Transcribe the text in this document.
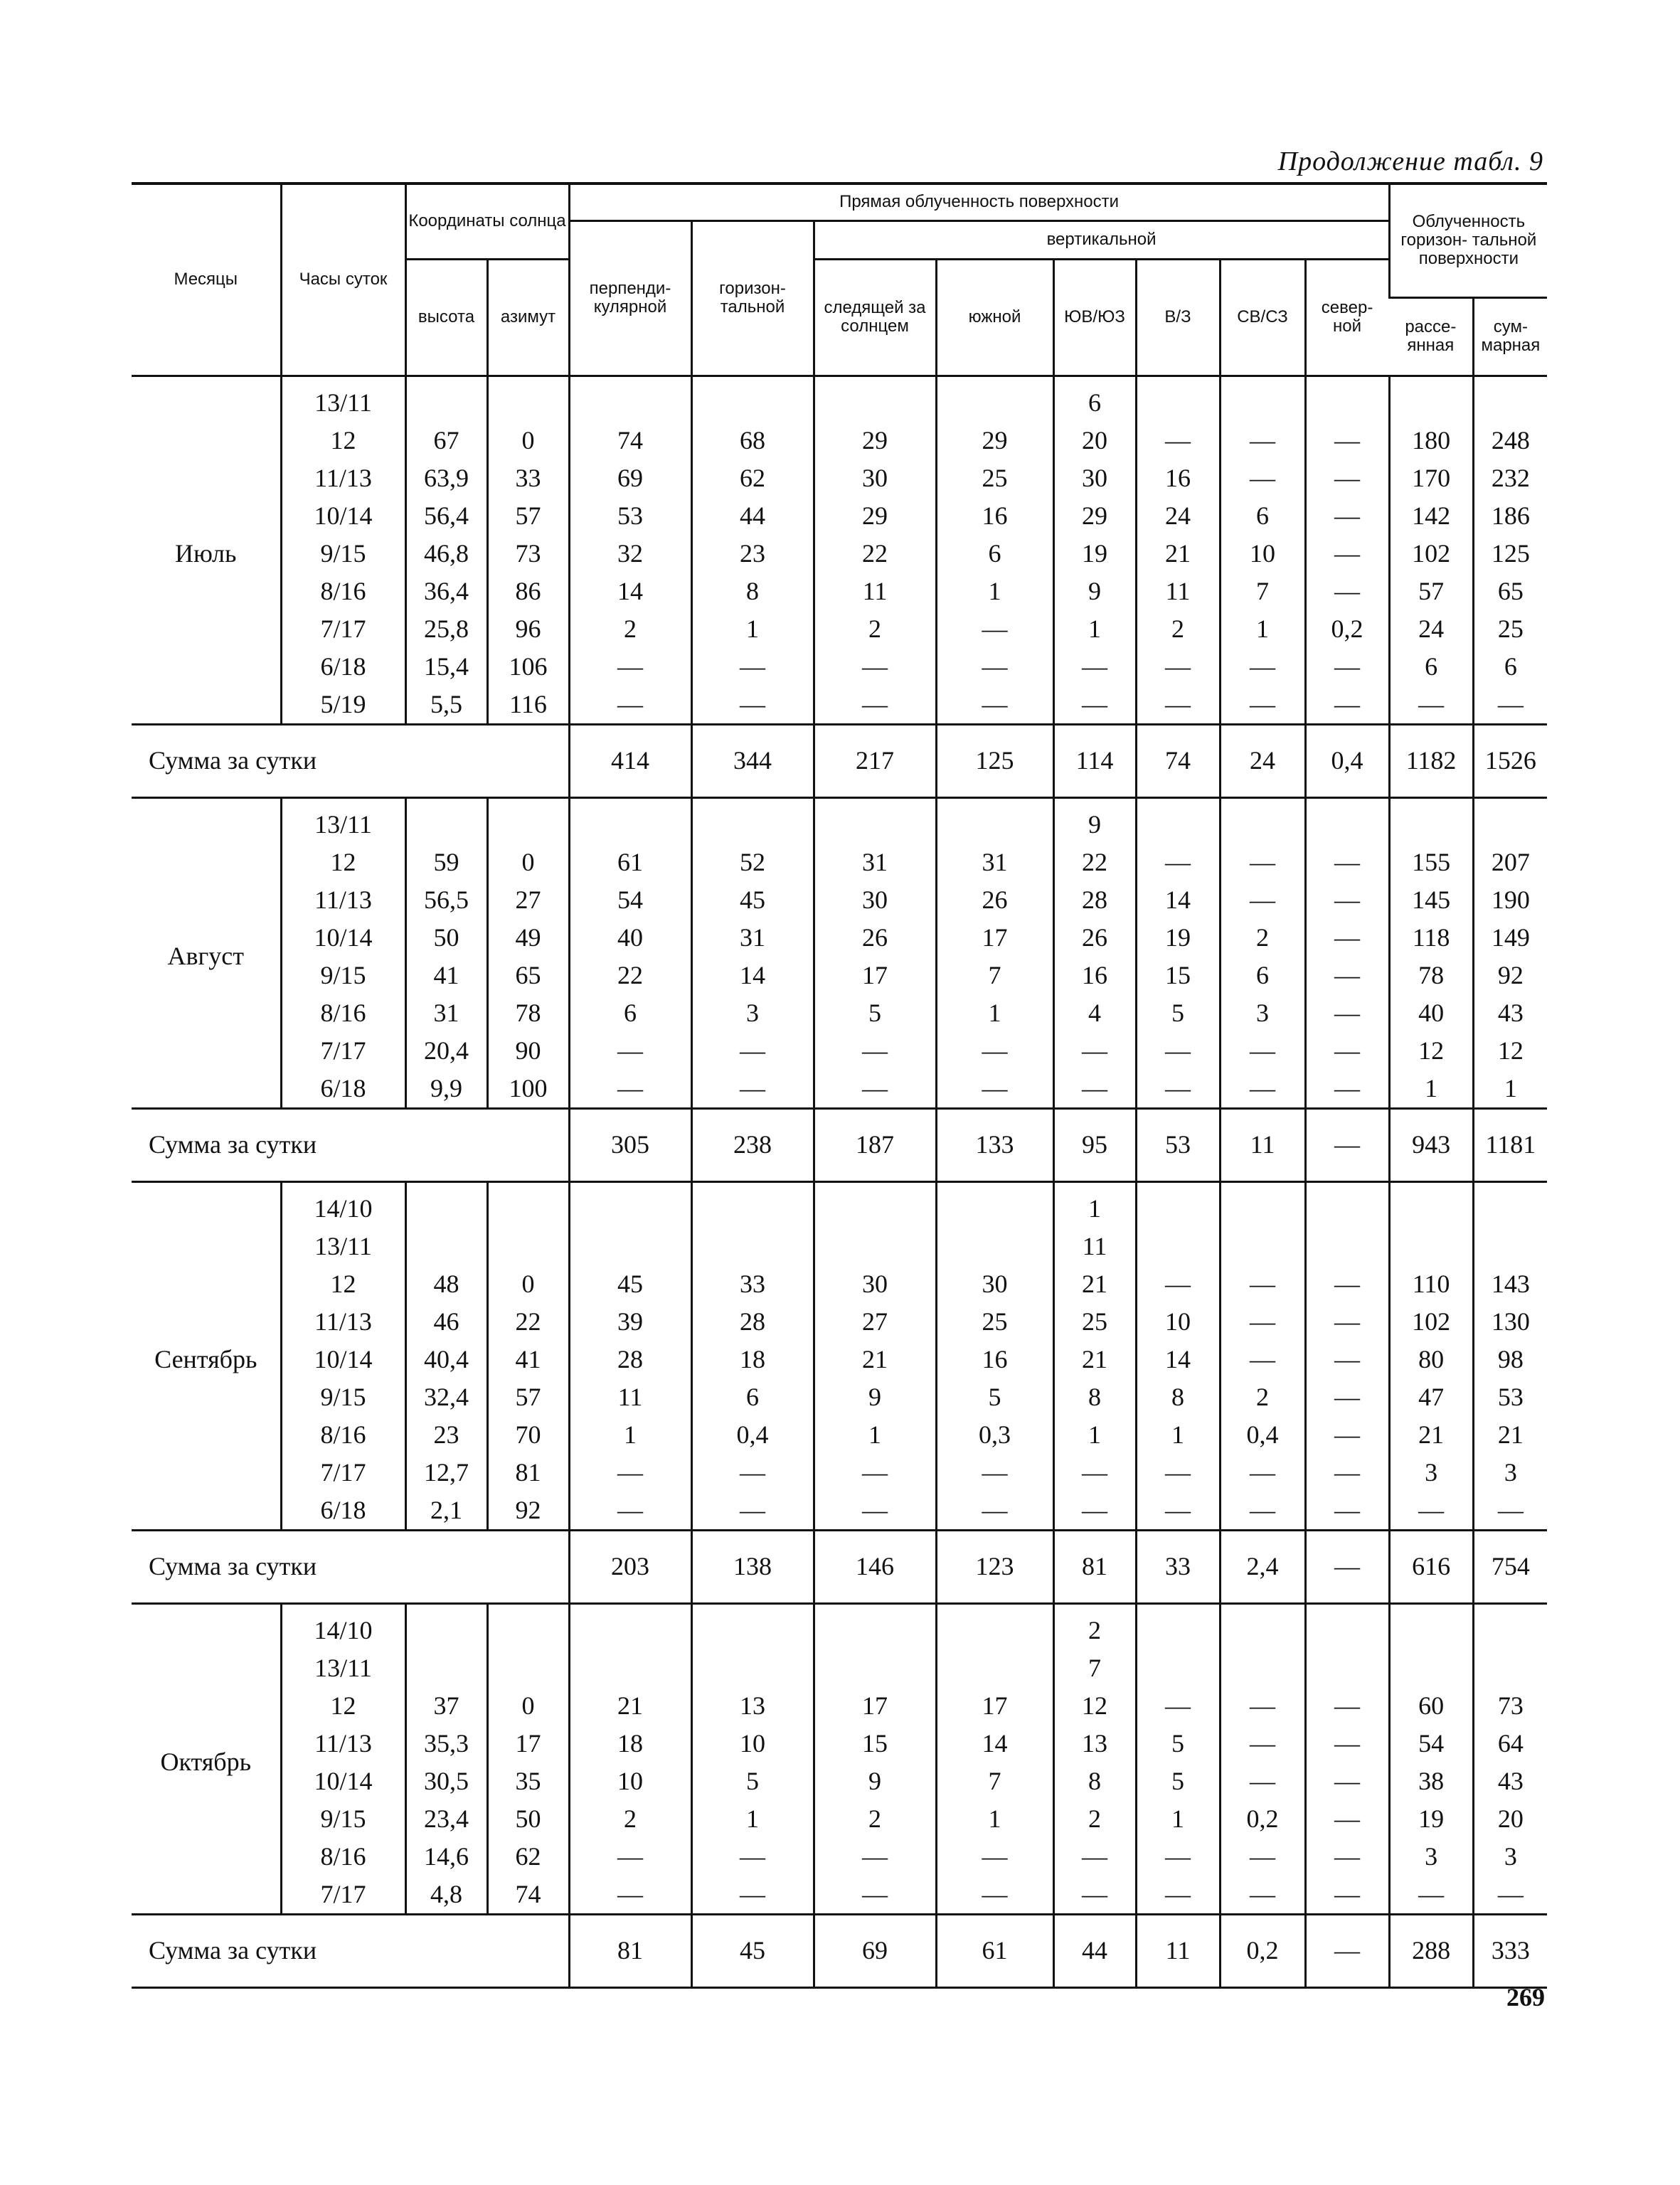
Продолжение табл. 9
Месяцы	Часы суток	Координаты солнца		Прямая облученность поверхности								Облученность горизон- тальной поверхности	
				перпенди- кулярной	горизон- тальной	вертикальной							
		высота	азимут			следящей за солнцем	южной	ЮВ/ЮЗ	В/З	СВ/СЗ	север- ной		
												рассе- янная	сум- марная
Июль	13/11							6					
	12	67	0	74	68	29	29	20	—	—	—	180	248
	11/13	63,9	33	69	62	30	25	30	16	—	—	170	232
	10/14	56,4	57	53	44	29	16	29	24	6	—	142	186
	9/15	46,8	73	32	23	22	6	19	21	10	—	102	125
	8/16	36,4	86	14	8	11	1	9	11	7	—	57	65
	7/17	25,8	96	2	1	2	—	1	2	1	0,2	24	25
	6/18	15,4	106	—	—	—	—	—	—	—	—	6	6
	5/19	5,5	116	—	—	—	—	—	—	—	—	—	—
Сумма за сутки				414	344	217	125	114	74	24	0,4	1182	1526
Август	13/11							9					
	12	59	0	61	52	31	31	22	—	—	—	155	207
	11/13	56,5	27	54	45	30	26	28	14	—	—	145	190
	10/14	50	49	40	31	26	17	26	19	2	—	118	149
	9/15	41	65	22	14	17	7	16	15	6	—	78	92
	8/16	31	78	6	3	5	1	4	5	3	—	40	43
	7/17	20,4	90	—	—	—	—	—	—	—	—	12	12
	6/18	9,9	100	—	—	—	—	—	—	—	—	1	1
Сумма за сутки				305	238	187	133	95	53	11	—	943	1181
Сентябрь	14/10							1					
	13/11							11					
	12	48	0	45	33	30	30	21	—	—	—	110	143
	11/13	46	22	39	28	27	25	25	10	—	—	102	130
	10/14	40,4	41	28	18	21	16	21	14	—	—	80	98
	9/15	32,4	57	11	6	9	5	8	8	2	—	47	53
	8/16	23	70	1	0,4	1	0,3	1	1	0,4	—	21	21
	7/17	12,7	81	—	—	—	—	—	—	—	—	3	3
	6/18	2,1	92	—	—	—	—	—	—	—	—	—	—
Сумма за сутки				203	138	146	123	81	33	2,4	—	616	754
Октябрь	14/10							2					
	13/11							7					
	12	37	0	21	13	17	17	12	—	—	—	60	73
	11/13	35,3	17	18	10	15	14	13	5	—	—	54	64
	10/14	30,5	35	10	5	9	7	8	5	—	—	38	43
	9/15	23,4	50	2	1	2	1	2	1	0,2	—	19	20
	8/16	14,6	62	—	—	—	—	—	—	—	—	3	3
	7/17	4,8	74	—	—	—	—	—	—	—	—	—	—
Сумма за сутки				81	45	69	61	44	11	0,2	—	288	333
269
